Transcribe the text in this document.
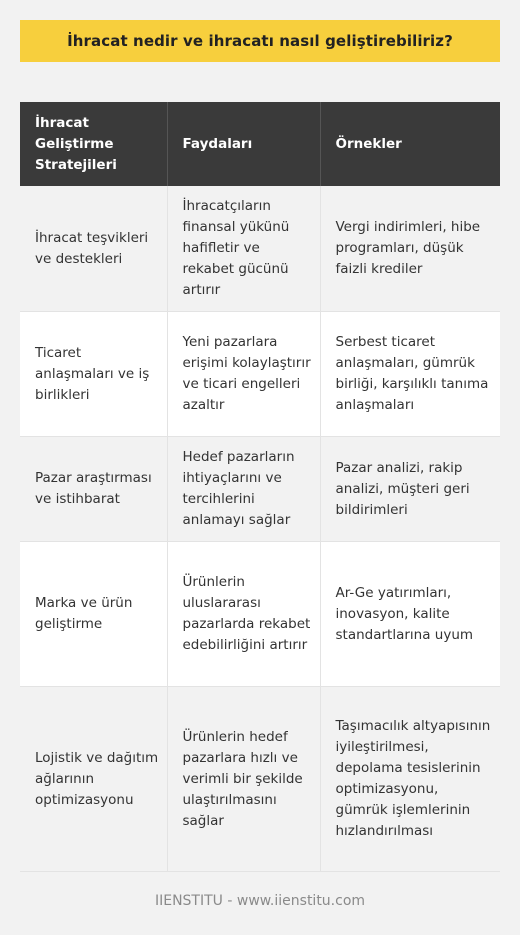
İhracat nedir ve ihracatı nasıl geliştirebiliriz?
İhracat Geliştirme Stratejileri	Faydaları	Örnekler
İhracat teşvikleri ve destekleri	İhracatçıların finansal yükünü hafifletir ve rekabet gücünü artırır	Vergi indirimleri, hibe programları, düşük faizli krediler
Ticaret anlaşmaları ve iş birlikleri	Yeni pazarlara erişimi kolaylaştırır ve ticari engelleri azaltır	Serbest ticaret anlaşmaları, gümrük birliği, karşılıklı tanıma anlaşmaları
Pazar araştırması ve istihbarat	Hedef pazarların ihtiyaçlarını ve tercihlerini anlamayı sağlar	Pazar analizi, rakip analizi, müşteri geri bildirimleri
Marka ve ürün geliştirme	Ürünlerin uluslararası pazarlarda rekabet edebilirliğini artırır	Ar-Ge yatırımları, inovasyon, kalite standartlarına uyum
Lojistik ve dağıtım ağlarının optimizasyonu	Ürünlerin hedef pazarlara hızlı ve verimli bir şekilde ulaştırılmasını sağlar	Taşımacılık altyapısının iyileştirilmesi, depolama tesislerinin optimizasyonu, gümrük işlemlerinin hızlandırılması
IIENSTITU - www.iienstitu.com
